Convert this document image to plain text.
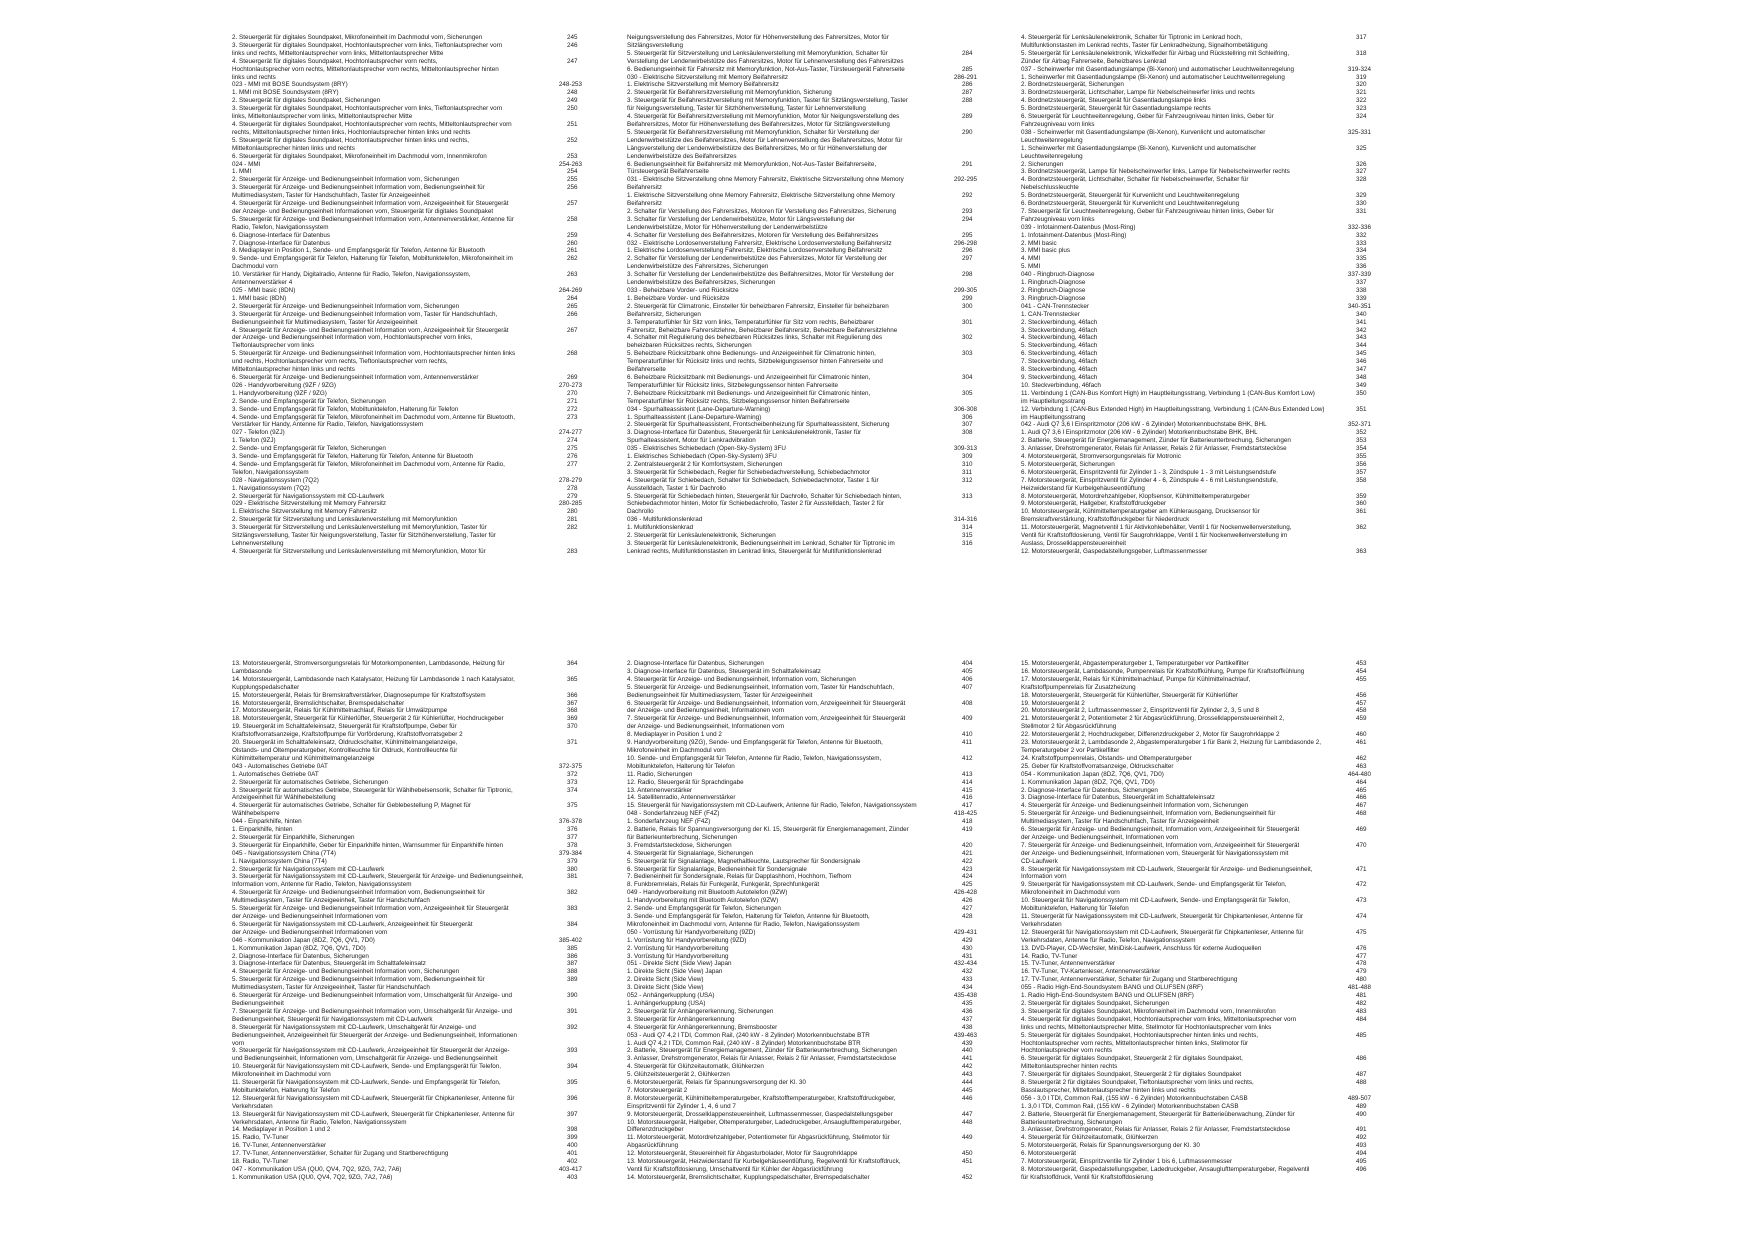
2. Steuergerät für digitales Soundpaket, Mikrofoneinheit im Dachmodul vorn, Sicherungen	245
3. Steuergerät für digitales Soundpaket, Hochtonlautsprecher vorn links, Tieftonlautsprecher vorn	246
links und rechts, Mitteltonlautsprecher vorn links, Mitteltonlautsprecher Mitte
4. Steuergerät für digitales Soundpaket, Hochtonlautsprecher vorn rechts,	247
Hochtonlautsprecher vorn rechts, Mitteltonlautsprecher vorn rechts, Mitteltonlautsprecher hinten
links und rechts
023 - MMI mit BOSE Soundsystem (8RY)	248-253
1. MMI mit BOSE Soundsystem (8RY)	248
2. Steuergerät für digitales Soundpaket, Sicherungen	249
3. Steuergerät für digitales Soundpaket, Hochtonlautsprecher vorn links, Tieftonlautsprecher vorn	250
links, Mitteltonlautsprecher vorn links, Mitteltonlautsprecher Mitte
4. Steuergerät für digitales Soundpaket, Hochtonlautsprecher vorn rechts, Mitteltonlautsprecher vorn	251
rechts, Mitteltonlautsprecher hinten links, Hochtonlautsprecher hinten links und rechts
5. Steuergerät für digitales Soundpaket, Hochtonlautsprecher hinten links und rechts,	252
Mitteltonlautsprecher hinten links und rechts
6. Steuergerät für digitales Soundpaket, Mikrofoneinheit im Dachmodul vorn, Innenmikrofon	253
024 - MMI	254-263
1. MMI	254
2. Steuergerät für Anzeige- und Bedienungseinheit Information vorn, Sicherungen	255
3. Steuergerät für Anzeige- und Bedienungseinheit Information vorn, Bedienungseinheit für	256
Multimediasystem, Taster für Handschuhfach, Taster für Anzeigeeinheit
4. Steuergerät für Anzeige- und Bedienungseinheit Information vorn, Anzeigeeinheit für Steuergerät	257
der Anzeige- und Bedienungseinheit Informationen vorn, Steuergerät für digitales Soundpaket
5. Steuergerät für Anzeige- und Bedienungseinheit Information vorn, Antennenverstärker, Antenne für	258
Radio, Telefon, Navigationssystem
6. Diagnose-Interface für Datenbus	259
7. Diagnose-Interface für Datenbus	260
8. Mediaplayer in Position 1, Sende- und Empfangsgerät für Telefon, Antenne für Bluetooth	261
9. Sende- und Empfangsgerät für Telefon, Halterung für Telefon, Mobiltunktelefon, Mikrofoneinheit im	262
Dachmodul vorn
10. Verstärker für Handy, Digitalradio, Antenne für Radio, Telefon, Navigationssystem,	263
Antennenverstärker 4
025 - MMI basic (8DN)	264-269
1. MMI basic (8DN)	264
2. Steuergerät für Anzeige- und Bedienungseinheit Information vorn, Sicherungen	265
3. Steuergerät für Anzeige- und Bedienungseinheit Information vorn, Taster für Handschuhfach,	266
Bedienungseinheit für Multimediasystem, Taster für Anzeigeeinheit
4. Steuergerät für Anzeige- und Bedienungseinheit Information vorn, Anzeigeeinheit für Steuergerät	267
der Anzeige- und Bedienungseinheit Information vorn, Hochtonlautsprecher vorn links,
Tieftonlautsprecher vorn links
5. Steuergerät für Anzeige- und Bedienungseinheit Information vorn, Hochtonlautsprecher hinten links	268
und rechts, Hochtonlautsprecher vorn rechts, Tieftonlautsprecher vorn rechts,
Mitteltonlautsprecher hinten links und rechts
6. Steuergerät für Anzeige- und Bedienungseinheit Information vorn, Antennenverstärker	269
026 - Handyvorbereitung (9ZF / 9ZG)	270-273
1. Handyvorbereitung (9ZF / 9ZG)	270
2. Sende- und Empfangsgerät für Telefon, Sicherungen	271
3. Sende- und Empfangsgerät für Telefon, Mobiltunktelefon, Halterung für Telefon	272
4. Sende- und Empfangsgerät für Telefon, Mikrofoneinheit im Dachmodul vorn, Antenne für Bluetooth,	273
Verstärker für Handy, Antenne für Radio, Telefon, Navigationssystem
027 - Telefon (9ZJ)	274-277
1. Telefon (9ZJ)	274
2. Sende- und Empfangsgerät für Telefon, Sicherungen	275
3. Sende- und Empfangsgerät für Telefon, Halterung für Telefon, Antenne für Bluetooth	276
4. Sende- und Empfangsgerät für Telefon, Mikrofoneinheit im Dachmodul vorn, Antenne für Radio,	277
Telefon, Navigationssystem
028 - Navigationssystem (7Q2)	278-279
1. Navigationssystem (7Q2)	278
2. Steuergerät für Navigationssystem mit CD-Laufwerk	279
029 - Elektrische Sitzverstellung mit Memory Fahrersitz	280-285
1. Elektrische Sitzverstellung mit Memory Fahrersitz	280
2. Steuergerät für Sitzverstellung und Lenksäulenverstellung mit Memoryfunktion	281
3. Steuergerät für Sitzverstellung und Lenksäulenverstellung mit Memoryfunktion, Taster für	282
Sitzlängsverstellung, Taster für Neigungsverstellung, Taster für Sitzhöhenverstellung, Taster für
Lehnenverstellung
4. Steuergerät für Sitzverstellung und Lenksäulenverstellung mit Memoryfunktion, Motor für	283
Neigungsverstellung des Fahrersitzes, Motor für Höhenverstellung des Fahrersitzes, Motor für
Sitzlängsverstellung
5. Steuergerät für Sitzverstellung und Lenksäulenverstellung mit Memoryfunktion, Schalter für	284
Verstellung der Lendenwirbelstütze des Fahrersitzes, Motor für Lehnenverstellung des Fahrersitzes
6. Bedienungseinheit für Fahrersitz mit Memoryfunktion, Not-Aus-Taster, Türsteuergerät Fahrerseite	285
030 - Elektrische Sitzverstellung mit Memory Beifahrersitz	286-291
1. Elektrische Sitzverstellung mit Memory Beifahrersitz	286
2. Steuergerät für Beifahrersitzverstellung mit Memoryfunktion, Sicherung	287
3. Steuergerät für Beifahrersitzverstellung mit Memoryfunktion, Taster für Sitzlängsverstellung, Taster	288
für Neigungsverstellung, Taster für Sitzhöhenverstellung, Taster für Lehnenverstellung
4. Steuergerät für Beifahrersitzverstellung mit Memoryfunktion, Motor für Neigungsverstellung des	289
Beifahrersitzes, Motor für Höhenverstellung des Beifahrersitzes, Motor für Sitzlängsverstellung
5. Steuergerät für Beifahrersitzverstellung mit Memoryfunktion, Schalter für Verstellung der	290
Lendenwirbelstütze des Beifahrersitzes, Motor für Lehnenverstellung des Beifahrersitzes, Motor für
Längsverstellung der Lendenwirbelstütze des Beifahrersitzes, Mo or für Höhenverstellung der
Lendenwirbelstütze des Beifahrersitzes
6. Bedienungseinheit für Beifahrersitz mit Memoryfunktion, Not-Aus-Taster Beifahrerseite,	291
Türsteuergerät Beifahrerseite
031 - Elektrische Sitzverstellung ohne Memory Fahrersitz, Elektrische Sitzverstellung ohne Memory	292-295
Beifahrersitz
1. Elektrische Sitzverstellung ohne Memory Fahrersitz, Elektrische Sitzverstellung ohne Memory	292
Beifahrersitz
2. Schalter für Verstellung des Fahrersitzes, Motoren für Verstellung des Fahrersitzes, Sicherung	293
3. Schalter für Verstellung der Lendenwirbelstütze, Motor für Längsverstellung der	294
Lendenwirbelstütze, Motor für Höhenverstellung der Lendenwirbelstütze
4. Schalter für Verstellung des Beifahrersitzes, Motoren für Verstellung des Beifahrersitzes	295
032 - Elektrische Lordosenverstellung Fahrersitz, Elektrische Lordosenverstellung Beifahrersitz	296-298
1. Elektrische Lordosenverstellung Fahrersitz, Elektrische Lordosenverstellung Beifahrersitz	296
2. Schalter für Verstellung der Lendenwirbelstütze des Fahrersitzes, Motor für Verstellung der	297
Lendenwirbelstütze des Fahrersitzes, Sicherungen
3. Schalter für Verstellung der Lendenwirbelstütze des Beifahrersitzes, Motor für Verstellung der	298
Lendenwirbelstütze des Beifahrersitzes, Sicherungen
033 - Beheizbare Vorder- und Rücksitze	299-305
1. Beheizbare Vorder- und Rücksitze	299
2. Steuergerät für Climatronic, Einsteller für beheizbaren Fahrersitz, Einsteller für beheizbaren	300
Beifahrersitz, Sicherungen
3. Temperaturfühler für Sitz vorn links, Temperaturfühler für Sitz vorn rechts, Beheizbarer	301
Fahrersitz, Beheizbare Fahrersitzlehne, Beheizbarer Beifahrersitz, Beheizbare Beifahrersitzlehne
4. Schalter mit Regulierung des beheizbaren Rücksitzes links, Schalter mit Regulierung des	302
beheizbaren Rücksitzes rechts, Sicherungen
5. Beheizbare Rücksitzbank ohne Bedienungs- und Anzeigeeinheit für Climatronic hinten,	303
Temperaturfühler für Rücksitz links und rechts, Sitzbeleigungssensor hinten Fahrerseite und
Beifahrerseite
6. Beheizbare Rücksitzbank mit Bedienungs- und Anzeigeeinheit für Climatronic hinten,	304
Temperaturfühler für Rücksitz links, Sitzbelegungssensor hinten Fahrerseite
7. Beheizbare Rücksitzbank mit Bedienungs- und Anzeigeeinheit für Climatronic hinten,	305
Temperaturfühler für Rücksitz rechts, Sitzbelegungssensor hinten Beifahrerseite
034 - Spurhalteassistent (Lane-Departure-Warning)	306-308
1. Spurhalteassistent (Lane-Departure-Warning)	306
2. Steuergerät für Spurhalteassistent, Frontscheibenheizung für Spurhalteassistent, Sicherung	307
3. Diagnose-Interface für Datenbus, Steuergerät für Lenksäulenelektronik, Taster für	308
Spurhalteassistent, Motor für Lenkradvibration
035 - Elektrisches Schiebedach (Open-Sky-System) 3FU	309-313
1. Elektrisches Schiebedach (Open-Sky-System) 3FU	309
2. Zentralsteuergerät 2 für Komfortsystem, Sicherungen	310
3. Steuergerät für Schiebedach, Regler für Schiebedachverstellung, Schiebedachmotor	311
4. Steuergerät für Schiebedach, Schalter für Schiebedach, Schiebedachmotor, Taster 1 für	312
Ausstelldach, Taster 1 für Dachrollo
5. Steuergerät für Schiebedach hinten, Steuergerät für Dachrollo, Schalter für Schiebedach hinten,	313
Schiebedachmotor hinten, Motor für Schiebedachrollo, Taster 2 für Ausstelldach, Taster 2 für
Dachrollo
036 - Multifunktionslenkrad	314-316
1. Multifunktionslenkrad	314
2. Steuergerät für Lenksäulenelektronik, Sicherungen	315
3. Steuergerät für Lenksäulenelektronik, Bedienungseinheit im Lenkrad, Schalter für Tiptronic im	316
Lenkrad rechts, Multifunktionstasten im Lenkrad links, Steuergerät für Multifunktionslenkrad
4. Steuergerät für Lenksäulenelektronik, Schalter für Tiptronic im Lenkrad hoch,	317
Multifunktionstasten im Lenkrad rechts, Taster für Lenkradheizung, Signalhornbetätigung
5. Steuergerät für Lenksäulenelektronik, Wickelfeder für Airbag und Rückstellring mit Schleifring,	318
Zünder für Airbag Fahrerseite, Beheizbares Lenkrad
037 - Scheinwerfer mit Gasentladungslampe (Bi-Xenon) und automatischer Leuchtweitenregelung	319-324
1. Scheinwerfer mit Gasentladungslampe (Bi-Xenon) und automatischer Leuchtweitenregelung	319
2. Bordnetzsteuergerät, Sicherungen	320
3. Bordnetzsteuergerät, Lichtschalter, Lampe für Nebelscheinwerfer links und rechts	321
4. Bordnetzsteuergerät, Steuergerät für Gasentladungslampe links	322
5. Bordnetzsteuergerät, Steuergerät für Gasentladungslampe rechts	323
6. Steuergerät für Leuchtweitenregelung, Geber für Fahrzeugniveau hinten links, Geber für	324
Fahrzeugniveau vorn links
038 - Scheinwerfer mit Gasentladungslampe (Bi-Xenon), Kurvenlicht und automatischer	325-331
Leuchtweitenregelung
1. Scheinwerfer mit Gasentladungslampe (Bi-Xenon), Kurvenlicht und automatischer	325
Leuchtweitenregelung
2. Sicherungen	326
3. Bordnetzsteuergerät, Lampe für Nebelscheinwerfer links, Lampe für Nebelscheinwerfer rechts	327
4. Bordnetzsteuergerät, Lichtschalter, Schalter für Nebelscheinwerfer, Schalter für	328
Nebelschlussleuchte
5. Bordnetzsteuergerät, Steuergerät für Kurvenlicht und Leuchtweitenregelung	329
6. Bordnetzsteuergerät, Steuergerät für Kurvenlicht und Leuchtweitenregelung	330
7. Steuergerät für Leuchtweitenregelung, Geber für Fahrzeugniveau hinten links, Geber für	331
Fahrzeugniveau vorn links
039 - Infotainment-Datenbus (Most-Ring)	332-336
1. Infotainment-Datenbus (Most-Ring)	332
2. MMI basic	333
3. MMI basic plus	334
4. MMI	335
5. MMI	336
040 - Ringbruch-Diagnose	337-339
1. Ringbruch-Diagnose	337
2. Ringbruch-Diagnose	338
3. Ringbruch-Diagnose	339
041 - CAN-Trennstecker	340-351
1. CAN-Trennstecker	340
2. Steckverbindung, 46fach	341
3. Steckverbindung, 46fach	342
4. Steckverbindung, 46fach	343
5. Steckverbindung, 46fach	344
6. Steckverbindung, 46fach	345
7. Steckverbindung, 46fach	346
8. Steckverbindung, 46fach	347
9. Steckverbindung, 46fach	348
10. Steckverbindung, 46fach	349
11. Verbindung 1 (CAN-Bus Komfort High) im Hauptleitungsstrang, Verbindung 1 (CAN-Bus Komfort Low)	350
im Hauptleitungsstrang
12. Verbindung 1 (CAN-Bus Extended High) im Hauptleitungsstrang, Verbindung 1 (CAN-Bus Extended Low)	351
im Hauptleitungsstrang
042 - Audi Q7 3,6 l Einspritzmotor (206 kW - 6 Zylinder) Motorkennbuchstabe BHK, BHL	352-371
1. Audi Q7 3,6 l Einspritzmotor (206 kW - 6 Zylinder) Motorkennbuchstabe BHK, BHL	352
2. Batterie, Steuergerät für Energiemanagement, Zünder für Batterieunterbrechung, Sicherungen	353
3. Anlasser, Drehstromgenerator, Relais für Anlasser, Relais 2 für Anlasser, Fremdstartstecköse	354
4. Motorsteuergerät, Stromversorgungsrelais für Motronic	355
5. Motorsteuergerät, Sicherungen	356
6. Motorsteuergerät, Einspritzventil für Zylinder 1 - 3, Zündspule 1 - 3 mit Leistungsendstufe	357
7. Motorsteuergerät, Einspritzventil für Zylinder 4 - 6, Zündspule 4 - 6 mit Leistungsendstufe,	358
Heizwiderstand für Kurbelgehäuseentlüftung
8. Motorsteuergerät, Motordrehzahlgeber, Klopfsensor, Kühlmitteltemperaturgeber	359
9. Motorsteuergerät, Hallgeber, Kraftstoffdruckgeber	360
10. Motorsteuergerät, Kühlmitteltemperaturgeber am Kühlerausgang, Drucksensor für	361
Bremskraftverstärkung, Kraftstoffdruckgeber für Niederdruck
11. Motorsteuergerät, Magnetventil 1 für Aktivkohlebehälter, Ventil 1 für Nockenwellenverstellung,	362
Ventil für Kraftstoffdosierung, Ventil für Saugrohrklappe, Ventil 1 für Nockenwellenverstellung im
Auslass, Drosselklappensteuereinheit
12. Motorsteuergerät, Gaspedalstellungsgeber, Luftmassenmesser	363
13. Motorsteuergerät, Stromversorgungsrelais für Motorkomponenten, Lambdasonde, Heizung für	364
Lambdasonde
14. Motorsteuergerät, Lambdasonde nach Katalysator, Heizung für Lambdasonde 1 nach Katalysator,	365
Kupplungspedalschalter
15. Motorsteuergerät, Relais für Bremskraftverstärker, Diagnosepumpe für Kraftstoffsystem	366
16. Motorsteuergerät, Bremslichtschalter, Bremspedalschalter	367
17. Motorsteuergerät, Relais für Kühlmittelnachlauf, Relais für Umwälzpumpe	368
18. Motorsteuergerät, Steuergerät für Kühlerlüfter, Steuergerät 2 für Kühlerlüfter, Hochdruckgeber	369
19. Steuergerät im Schalttafeleinsatz, Steuergerät für Kraftstoffpumpe, Geber für	370
Kraftstoffvorratsanzeige, Kraftstoffpumpe für Vorförderung, Kraftstoffvorratsgeber 2
20. Steuergerät im Schalttafeleinsatz, Öldruckschalter, Kühlmittelmangelanzeige,	371
Ölstands- und Öltemperaturgeber, Kontrollleuchte für Öldruck, Kontrollleuchte für
Kühlmitteltemperatur und Kühlmittelmangelanzeige
043 - Automatisches Getriebe 0AT	372-375
1. Automatisches Getriebe 0AT	372
2. Steuergerät für automatisches Getriebe, Sicherungen	373
3. Steuergerät für automatisches Getriebe, Steuergerät für Wählhebelsensorik, Schalter für Tiptronic,	374
Anzeigeeinheit für Wählhebelstellung
4. Steuergerät für automatisches Getriebe, Schalter für Geblebestellung P, Magnet für	375
Wählhebelsperre
044 - Einparkhilfe, hinten	376-378
1. Einparkhilfe, hinten	376
2. Steuergerät für Einparkhilfe, Sicherungen	377
3. Steuergerät für Einparkhilfe, Geber für Einparkhilfe hinten, Warnsummer für Einparkhilfe hinten	378
045 - Navigationssystem China (7T4)	379-384
1. Navigationssystem China (7T4)	379
2. Steuergerät für Navigationssystem mit CD-Laufwerk	380
3. Steuergerät für Navigationssystem mit CD-Laufwerk, Steuergerät für Anzeige- und Bedienungseinheit,	381
Information vorn, Antenne für Radio, Telefon, Navigationssystem
4. Steuergerät für Anzeige- und Bedienungseinheit Information vorn, Bedienungseinheit für	382
Multimediasystem, Taster für Anzeigeeinheit, Taster für Handschuhfach
5. Steuergerät für Anzeige- und Bedienungseinheit Information vorn, Anzeigeeinheit für Steuergerät	383
der Anzeige- und Bedienungseinheit Informationen vorn
6. Steuergerät für Navigationssystem mit CD-Laufwerk, Anzeigeeinheit für Steuergerät	384
der Anzeige- und Bedienungseinheit Informationen vorn
046 - Kommunikation Japan (8DZ, 7Q6, QV1, 7D0)	385-402
1. Kommunikation Japan (8DZ, 7Q6, QV1, 7D0)	385
2. Diagnose-Interface für Datenbus, Sicherungen	386
3. Diagnose-Interface für Datenbus, Steuergerät im Schalttafeleinsatz	387
4. Steuergerät für Anzeige- und Bedienungseinheit Information vorn, Sicherungen	388
5. Steuergerät für Anzeige- und Bedienungseinheit Information vorn, Bedienungseinheit für	389
Multimediasystem, Taster für Anzeigeeinheit, Taster für Handschuhfach
6. Steuergerät für Anzeige- und Bedienungseinheit Information vorn, Umschaltgerät für Anzeige- und	390
Bedienungseinheit
7. Steuergerät für Anzeige- und Bedienungseinheit Information vorn, Umschaltgerät für Anzeige- und	391
Bedienungseinheit, Steuergerät für Navigationssystem mit CD-Laufwerk
8. Steuergerät für Navigationssystem mit CD-Laufwerk, Umschaltgerät für Anzeige- und	392
Bedienungseinheit, Anzeigeeinheit für Steuergerät der Anzeige- und Bedienungseinheit, Informationen
vorn
9. Steuergerät für Navigationssystem mit CD-Laufwerk, Anzeigeeinheit für Steuergerät der Anzeige-	393
und Bedienungseinheit, Informationen vorn, Umschaltgerät für Anzeige- und Bedienungseinheit
10. Steuergerät für Navigationssystem mit CD-Laufwerk, Sende- und Empfangsgerät für Telefon,	394
Mikrofoneinheit im Dachmodul vorn
11. Steuergerät für Navigationssystem mit CD-Laufwerk, Sende- und Empfangsgerät für Telefon,	395
Mobiltunktelefon, Halterung für Telefon
12. Steuergerät für Navigationssystem mit CD-Laufwerk, Steuergerät für Chipkartenleser, Antenne für	396
Verkehrsdaten
13. Steuergerät für Navigationssystem mit CD-Laufwerk, Steuergerät für Chipkartenleser, Antenne für	397
Verkehrsdaten, Antenne für Radio, Telefon, Navigationssystem
14. Mediaplayer in Position 1 und 2	398
15. Radio, TV-Tuner	399
16. TV-Tuner, Antennenverstärker	400
17. TV-Tuner, Antennenverstärker, Schalter für Zugang und Startberechtigung	401
18. Radio, TV-Tuner	402
047 - Kommunikation USA (QU0, QV4, 7Q2, 9ZG, 7A2, 7A6)	403-417
1. Kommunikation USA (QU0, QV4, 7Q2, 9ZG, 7A2, 7A6)	403
2. Diagnose-Interface für Datenbus, Sicherungen	404
3. Diagnose-Interface für Datenbus, Steuergerät im Schalttafeleinsatz	405
4. Steuergerät für Anzeige- und Bedienungseinheit, Information vorn, Sicherungen	406
5. Steuergerät für Anzeige- und Bedienungseinheit, Information vorn, Taster für Handschuhfach,	407
Bedienungseinheit für Multimediasystem, Taster für Anzeigeeinheit
6. Steuergerät für Anzeige- und Bedienungseinheit, Information vorn, Anzeigeeinheit für Steuergerät	408
der Anzeige- und Bedienungseinheit, Informationen vorn
7. Steuergerät für Anzeige- und Bedienungseinheit, Information vorn, Anzeigeeinheit für Steuergerät	409
der Anzeige- und Bedienungseinheit, Informationen vorn
8. Mediaplayer in Position 1 und 2	410
9. Handyvorbereitung (9ZG), Sende- und Empfangsgerät für Telefon, Antenne für Bluetooth,	411
Mikrofoneinheit im Dachmodul vorn
10. Sende- und Empfangsgerät für Telefon, Antenne für Radio, Telefon, Navigationssystem,	412
Mobiltunktelefon, Halterung für Telefon
11. Radio, Sicherungen	413
12. Radio, Steuergerät für Sprachdingabe	414
13. Antennenverstärker	415
14. Satellitenradio, Antennenverstärker	416
15. Steuergerät für Navigationssystem mit CD-Laufwerk, Antenne für Radio, Telefon, Navigationssystem	417
048 - Sonderfahrzeug NEF (F4Z)	418-425
1. Sonderfahrzeug NEF (F4Z)	418
2. Batterie, Relais für Spannungsversorgung der Kl. 15, Steuergerät für Energiemanagement, Zünder	419
für Batterieunterbrechung, Sicherungen
3. Fremdstartsteckdose, Sicherungen	420
4. Steuergerät für Signalanlage, Sicherungen	421
5. Steuergerät für Signalanlage, Magnethaltleuchte, Lautsprecher für Sondersignale	422
6. Steuergerät für Signalanlage, Bedieneinheit für Sondersignale	423
7. Bedieneinheit für Sondersignale, Relais für Dapplashhorn, Hochhorn, Tiefhorn	424
8. Funkbremrelais, Relais für Funkgerät, Funkgerät, Sprechfunkgerät	425
049 - Handyvorbereitung mit Bluetooth Autotelefon (9ZW)	426-428
1. Handyvorbereitung mit Bluetooth Autotelefon (9ZW)	426
2. Sende- und Empfangsgerät für Telefon, Sicherungen	427
3. Sende- und Empfangsgerät für Telefon, Halterung für Telefon, Antenne für Bluetooth,	428
Mikrofoneinheit im Dachmodul vorn, Antenne für Radio, Telefon, Navigationssystem
050 - Vorrüstung für Handyvorbereitung (9ZD)	429-431
1. Vorrüstung für Handyvorbereitung (9ZD)	429
2. Vorrüstung für Handyvorbereitung	430
3. Vorrüstung für Handyvorbereitung	431
051 - Direkte Sicht (Side View) Japan	432-434
1. Direkte Sicht (Side View) Japan	432
2. Direkte Sicht (Side View)	433
3. Direkte Sicht (Side View)	434
052 - Anhängerkupplung (USA)	435-438
1. Anhängerkupplung (USA)	435
2. Steuergerät für Anhängererkennung, Sicherungen	436
3. Steuergerät für Anhängererkennung	437
4. Steuergerät für Anhängererkennung, Bremsbooster	438
053 - Audi Q7 4,2 l TDI, Common Rail, (240 kW - 8 Zylinder) Motorkennbuchstabe BTR	439-463
1. Audi Q7 4,2 l TDI, Common Rail, (240 kW - 8 Zylinder) Motorkennbuchstabe BTR	439
2. Batterie, Steuergerät für Energiemanagement, Zünder für Batterieunterbrechung, Sicherungen	440
3. Anlasser, Drehstromgenerator, Relais für Anlasser, Relais 2 für Anlasser, Fremdstartsteckdose	441
4. Steuergerät für Glühzeitautomatik, Glühkerzen	442
5. Glühzeitsteuergerät 2, Glühkerzen	443
6. Motorsteuergerät, Relais für Spannungsversorgung der Kl. 30	444
7. Motorsteuergerät 2	445
8. Motorsteuergerät, Kühlmitteltemperaturgeber, Kraftstofftemperaturgeber, Kraftstoffdruckgeber,	446
Einspritzventil für Zylinder 1, 4, 6 und 7
9. Motorsteuergerät, Drosselklappensteuereinheit, Luftmassenmesser, Gaspedalstellungsgeber	447
10. Motorsteuergerät, Hallgeber, Öltemperaturgeber, Ladedruckgeber, Ansauglufttemperaturgeber,	448
Differenzdruckgeber
11. Motorsteuergerät, Motordrehzahlgeber, Potentiometer für Abgasrückführung, Stellmotor für	449
Abgasrückführung
12. Motorsteuergerät, Steuereinheit für Abgasturbolader, Motor für Saugrohrklappe	450
13. Motorsteuergerät, Heizwiderstand für Kurbelgehäuseentlüftung, Regelventil für Kraftstoffdruck,	451
Ventil für Kraftstoffdosierung, Umschaltventil für Kühler der Abgasrückführung
14. Motorsteuergerät, Bremslichtschalter, Kupplungspedalschalter, Bremspedalschalter	452
15. Motorsteuergerät, Abgastemperaturgeber 1, Temperaturgeber vor Partikelfilter	453
16. Motorsteuergerät, Lambdasonde, Pumpenrelais für Kraftstoffkühlung, Pumpe für Kraftstoffkühlung	454
17. Motorsteuergerät, Relais für Kühlmittelnachlauf, Pumpe für Kühlmittelnachlauf,	455
Kraftstoffpumpenrelais für Zusatzheizung
18. Motorsteuergerät, Steuergerät für Kühlerlüfter, Steuergerät für Kühlerlüfter	456
19. Motorsteuergerät 2	457
20. Motorsteuergerät 2, Luftmassenmesser 2, Einspritzventil für Zylinder 2, 3, 5 und 8	458
21. Motorsteuergerät 2, Potentiometer 2 für Abgasrückführung, Drosselklappensteuereinheit 2,	459
Stellmotor 2 für Abgasrückführung
22. Motorsteuergerät 2, Hochdruckgeber, Differenzdruckgeber 2, Motor für Saugrohrklappe 2	460
23. Motorsteuergerät 2, Lambdasonde 2, Abgastemperaturgeber 1 für Bank 2, Heizung für Lambdasonde 2,	461
Temperaturgeber 2 vor Partikelfilter
24. Kraftstoffpumpenrelais, Ölstands- und Öltemperaturgeber	462
25. Geber für Kraftstoffvorratsanzeige, Öldruckschalter	463
054 - Kommunikation Japan (8DZ, 7Q6, QV1, 7D0)	464-480
1. Kommunikation Japan (8DZ, 7Q6, QV1, 7D0)	464
2. Diagnose-Interface für Datenbus, Sicherungen	465
3. Diagnose-Interface für Datenbus, Steuergerät im Schalttafeleinsatz	466
4. Steuergerät für Anzeige- und Bedienungseinheit Information vorn, Sicherungen	467
5. Steuergerät für Anzeige- und Bedienungseinheit, Information vorn, Bedienungseinheit für	468
Multimediasystem, Taster für Handschuhfach, Taster für Anzeigeeinheit
6. Steuergerät für Anzeige- und Bedienungseinheit, Information vorn, Anzeigeeinheit für Steuergerät	469
der Anzeige- und Bedienungseinheit, Informationen vorn
7. Steuergerät für Anzeige- und Bedienungseinheit, Information vorn, Anzeigeeinheit für Steuergerät	470
der Anzeige- und Bedienungseinheit, Informationen vorn, Steuergerät für Navigationssystem mit
CD-Laufwerk
8. Steuergerät für Navigationssystem mit CD-Laufwerk, Steuergerät für Anzeige- und Bedienungseinheit,	471
Information vorn
9. Steuergerät für Navigationssystem mit CD-Laufwerk, Sende- und Empfangsgerät für Telefon,	472
Mikrofoneinheit im Dachmodul vorn
10. Steuergerät für Navigationssystem mit CD-Laufwerk, Sende- und Empfangsgerät für Telefon,	473
Mobiltunktelefon, Halterung für Telefon
11. Steuergerät für Navigationssystem mit CD-Laufwerk, Steuergerät für Chipkartenleser, Antenne für	474
Verkehrsdaten
12. Steuergerät für Navigationssystem mit CD-Laufwerk, Steuergerät für Chipkartenleser, Antenne für	475
Verkehrsdaten, Antenne für Radio, Telefon, Navigationssystem
13. DVD-Player, CD-Wechsler, MiniDisk-Laufwerk, Anschluss für externe Audioquellen	476
14. Radio, TV-Tuner	477
15. TV-Tuner, Antennenverstärker	478
16. TV-Tuner, TV-Kartenleser, Antennenverstärker	479
17. TV-Tuner, Antennenverstärker, Schalter für Zugang und Startberechtigung	480
055 - Radio High-End-Soundsystem BANG und OLUFSEN (8RF)	481-488
1. Radio High-End-Soundsystem BANG und OLUFSEN (8RF)	481
2. Steuergerät für digitales Soundpaket, Sicherungen	482
3. Steuergerät für digitales Soundpaket, Mikrofoneinheit im Dachmodul vorn, Innenmikrofon	483
4. Steuergerät für digitales Soundpaket, Hochtonlautsprecher vorn links, Mitteltonlautsprecher vorn	484
links und rechts, Mitteltonlautsprecher Mitte, Stellmotor für Hochtonlautsprecher vorn links
5. Steuergerät für digitales Soundpaket, Hochtonlautsprecher hinten links und rechts,	485
Hochtonlautsprecher vorn rechts, Mitteltonlautsprecher hinten links, Stellmotor für
Hochtonlautsprecher vorn rechts
6. Steuergerät für digitales Soundpaket, Steuergerät 2 für digitales Soundpaket,	486
Mitteltonlautsprecher hinten rechts
7. Steuergerät für digitales Soundpaket, Steuergerät 2 für digitales Soundpaket	487
8. Steuergerät 2 für digitales Soundpaket, Tieftonlautsprecher vorn links und rechts,	488
Basslautsprecher, Mitteltonlautsprecher hinten links und rechts
056 - 3,0 l TDI, Common Rail, (155 kW - 6 Zylinder) Motorkennbuchstaben CASB	489-507
1. 3,0 l TDI, Common Rail, (155 kW - 6 Zylinder) Motorkennbuchstaben CASB	489
2. Batterie, Steuergerät für Energiemanagement, Steuergerät für Batterieüberwachung, Zünder für	490
Batterieunterbrechung, Sicherungen
3. Anlasser, Drehstromgenerator, Relais für Anlasser, Relais 2 für Anlasser, Fremdstartsteckdose	491
4. Steuergerät für Glühzeitautomatik, Glühkerzen	492
5. Motorsteuergerät, Relais für Spannungsversorgung der Kl. 30	493
6. Motorsteuergerät	494
7. Motorsteuergerät, Einspritzventile für Zylinder 1 bis 6, Luftmassenmesser	495
8. Motorsteuergerät, Gaspedalstellungsgeber, Ladedruckgeber, Ansauglufttemperaturgeber, Regelventil	496
für Kraftstoffdruck, Ventil für Kraftstoffdosierung
